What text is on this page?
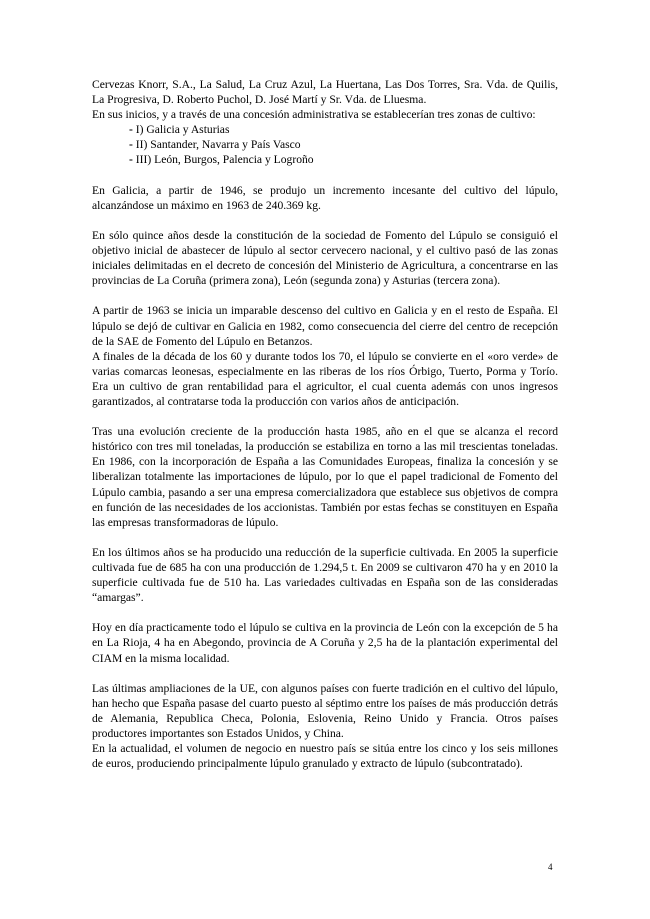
Cervezas Knorr, S.A., La Salud, La Cruz Azul, La Huertana, Las Dos Torres, Sra. Vda. de Quilis, La Progresiva, D. Roberto Puchol, D. José Martí y Sr. Vda. de Lluesma.

En sus inicios, y a través de una concesión administrativa se establecerían tres zonas de cultivo:

- I) Galicia y Asturias
- II) Santander, Navarra y País Vasco
- III) León, Burgos, Palencia y Logroño

En Galicia, a partir de 1946, se produjo un incremento incesante del cultivo del lúpulo, alcanzándose un máximo en 1963 de 240.369 kg.

En sólo quince años desde la constitución de la sociedad de Fomento del Lúpulo se consiguió el objetivo inicial de abastecer de lúpulo al sector cervecero nacional, y el cultivo pasó de las zonas iniciales delimitadas en el decreto de concesión del Ministerio de Agricultura, a concentrarse en las provincias de La Coruña (primera zona), León (segunda zona) y Asturias (tercera zona).

A partir de 1963 se inicia un imparable descenso del cultivo en Galicia y en el resto de España. El lúpulo se dejó de cultivar en Galicia en 1982, como consecuencia del cierre del centro de recepción de la SAE de Fomento del Lúpulo en Betanzos.

A finales de la década de los 60 y durante todos los 70, el lúpulo se convierte en el «oro verde» de varias comarcas leonesas, especialmente en las riberas de los ríos Órbigo, Tuerto, Porma y Torío. Era un cultivo de gran rentabilidad para el agricultor, el cual cuenta además con unos ingresos garantizados, al contratarse toda la producción con varios años de anticipación.

Tras una evolución creciente de la producción hasta 1985, año en el que se alcanza el record histórico con tres mil toneladas, la producción se estabiliza en torno a las mil trescientas toneladas. En 1986, con la incorporación de España a las Comunidades Europeas, finaliza la concesión y se liberalizan totalmente las importaciones de lúpulo, por lo que el papel tradicional de Fomento del Lúpulo cambia, pasando a ser una empresa comercializadora que establece sus objetivos de compra en función de las necesidades de los accionistas. También por estas fechas se constituyen en España las empresas transformadoras de lúpulo.

En los últimos años se ha producido una reducción de la superficie cultivada. En 2005 la superficie cultivada fue de 685 ha con una producción de 1.294,5 t. En 2009 se cultivaron 470 ha y en 2010 la superficie cultivada fue de 510 ha. Las variedades cultivadas en España son de las consideradas “amargas”.

Hoy en día practicamente todo el lúpulo se cultiva en la provincia de León con la excepción de 5 ha en La Rioja, 4 ha en Abegondo, provincia de A Coruña y 2,5 ha de la plantación experimental del CIAM en la misma localidad.

Las últimas ampliaciones de la UE, con algunos países con fuerte tradición en el cultivo del lúpulo, han hecho que España pasase del cuarto puesto al séptimo entre los países de más producción detrás de Alemania, Republica Checa, Polonia, Eslovenia, Reino Unido y Francia. Otros países productores importantes son Estados Unidos, y China.

En la actualidad, el volumen de negocio en nuestro país se sitúa entre los cinco y los seis millones de euros, produciendo principalmente lúpulo granulado y extracto de lúpulo (subcontratado).

4
